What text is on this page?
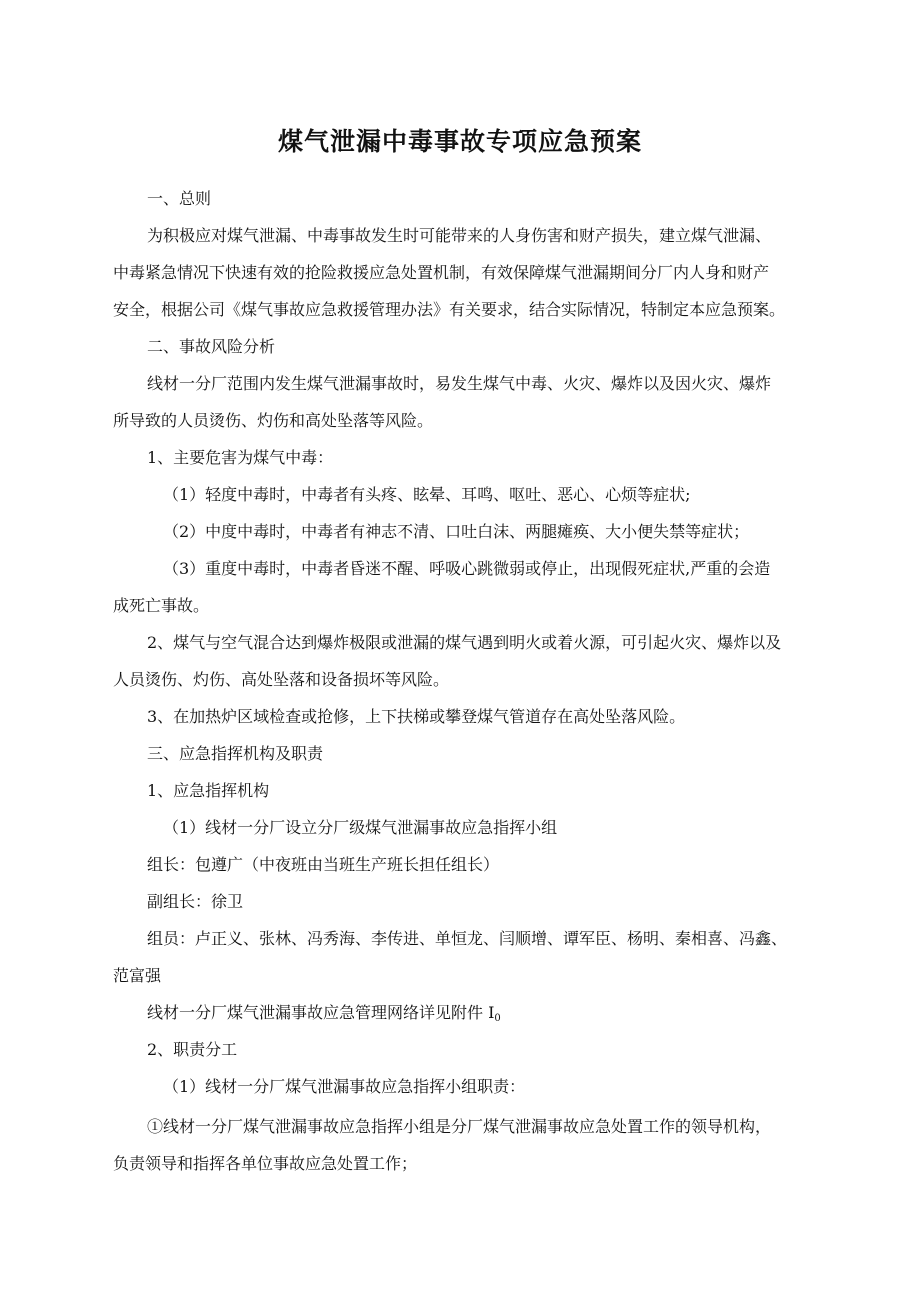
煤气泄漏中毒事故专项应急预案

一、总则

为积极应对煤气泄漏、中毒事故发生时可能带来的人身伤害和财产损失，建立煤气泄漏、

中毒紧急情况下快速有效的抢险救援应急处置机制，有效保障煤气泄漏期间分厂内人身和财产

安全，根据公司《煤气事故应急救援管理办法》有关要求，结合实际情况，特制定本应急预案。

二、事故风险分析

线材一分厂范围内发生煤气泄漏事故时，易发生煤气中毒、火灾、爆炸以及因火灾、爆炸

所导致的人员烫伤、灼伤和高处坠落等风险。

1、主要危害为煤气中毒：

（1）轻度中毒时，中毒者有头疼、眩晕、耳鸣、呕吐、恶心、心烦等症状;

（2）中度中毒时，中毒者有神志不清、口吐白沫、两腿瘫痪、大小便失禁等症状；

（3）重度中毒时，中毒者昏迷不醒、呼吸心跳微弱或停止，出现假死症状,严重的会造

成死亡事故。

2、煤气与空气混合达到爆炸极限或泄漏的煤气遇到明火或着火源，可引起火灾、爆炸以及

人员烫伤、灼伤、高处坠落和设备损坏等风险。

3、在加热炉区域检查或抢修，上下扶梯或攀登煤气管道存在高处坠落风险。

三、应急指挥机构及职责

1、应急指挥机构

（1）线材一分厂设立分厂级煤气泄漏事故应急指挥小组

组长：包遵广（中夜班由当班生产班长担任组长）

副组长：徐卫

组员：卢正义、张林、冯秀海、李传进、单恒龙、闫顺增、谭军臣、杨明、秦相喜、冯鑫、

范富强

线材一分厂煤气泄漏事故应急管理网络详见附件 $I_0$

2、职责分工

（1）线材一分厂煤气泄漏事故应急指挥小组职责：

①线材一分厂煤气泄漏事故应急指挥小组是分厂煤气泄漏事故应急处置工作的领导机构，

负责领导和指挥各单位事故应急处置工作；
